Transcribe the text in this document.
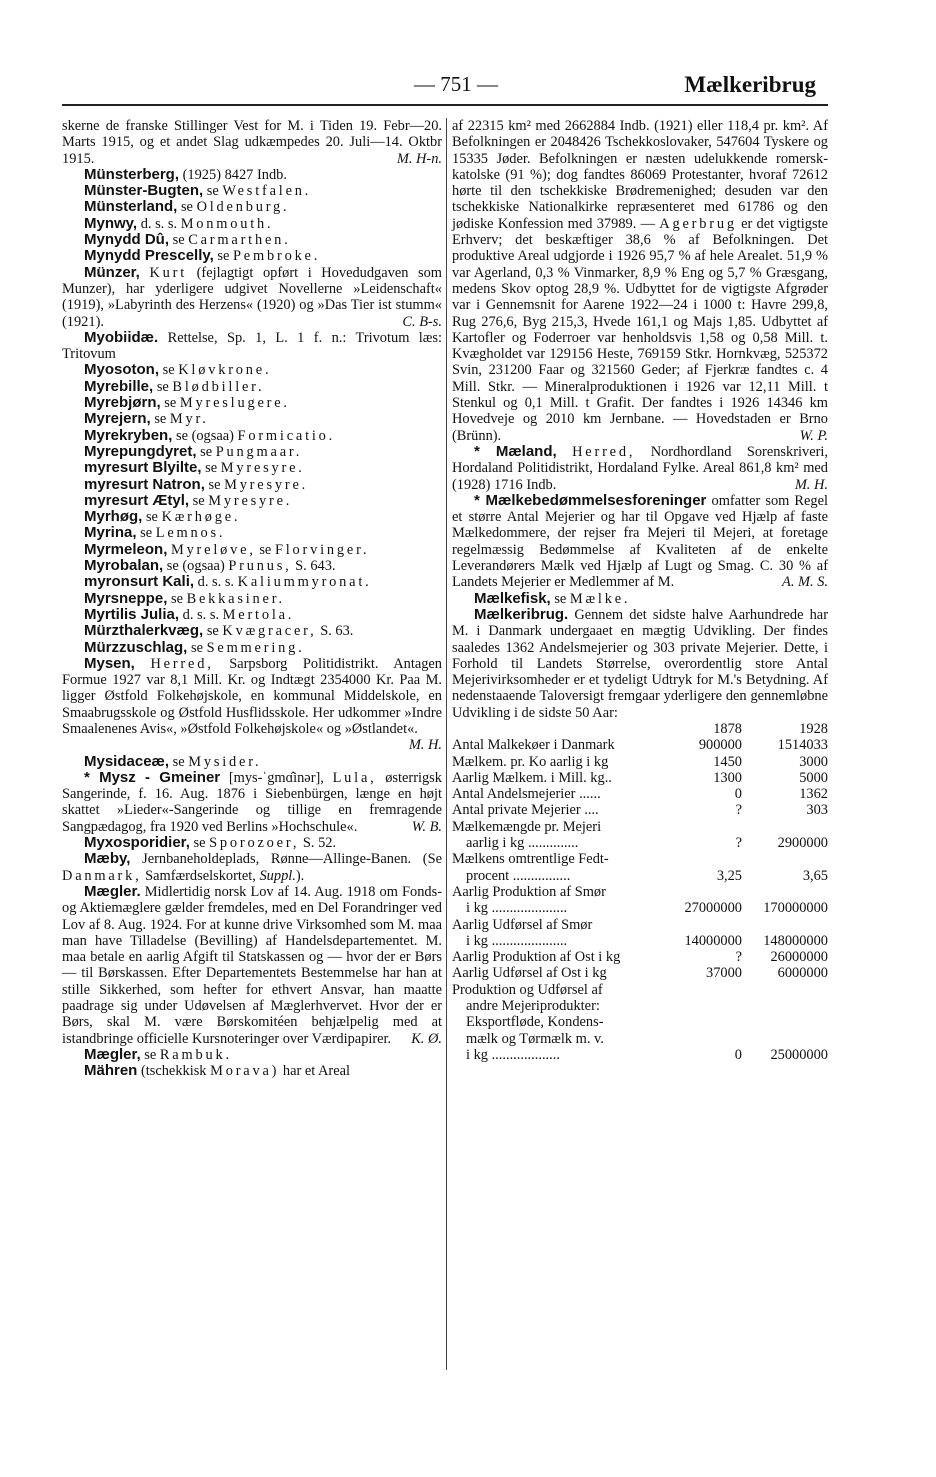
— 751 —	Mælkeribrug

skerne de franske Stillinger Vest for M. i Tiden 19. Febr—20. Marts 1915, og et andet Slag udkæmpedes 20. Juli—14. Oktbr 1915.	M. H-n.

Münsterberg, (1925) 8427 Indb.

Münster-Bugten, se Westfalen.

Münsterland, se Oldenburg.

Mynwy, d. s. s. Monmouth.

Mynydd Dû, se Carmarthen.

Mynydd Prescelly, se Pembroke.

Münzer, Kurt (fejlagtigt opført i Hovedudgaven som Munzer), har yderligere udgivet Novellerne »Leidenschaft« (1919), »Labyrinth des Herzens« (1920) og »Das Tier ist stumm« (1921).	C. B-s.

Myobiidæ. Rettelse, Sp. 1, L. 1 f. n.: Trivotum læs: Tritovum

Myosoton, se Kløvkrone.

Myrebille, se Blødbiller.

Myrebjørn, se Myreslugere.

Myrejern, se Myr.

Myrekryben, se (ogsaa) Formicatio.

Myrepungdyret, se Pungmaar.

myresurt Blyilte, se Myresyre.

myresurt Natron, se Myresyre.

myresurt Ætyl, se Myresyre.

Myrhøg, se Kærhøge.

Myrina, se Lemnos.

Myrmeleon, Myreløve, se Florvinger.

Myrobalan, se (ogsaa) Prunus, S. 643.

myronsurt Kali, d. s. s. Kaliummyronat.

Myrsneppe, se Bekkasiner.

Myrtilis Julia, d. s. s. Mertola.

Mürzthalerkvæg, se Kvægracer, S. 63.

Mürzzuschlag, se Semmering.

Mysen, Herred, Sarpsborg Politidistrikt. Antagen Formue 1927 var 8,1 Mill. Kr. og Indtægt 2354000 Kr. Paa M. ligger Østfold Folkehøjskole, en kommunal Middelskole, en Smaabrugsskole og Østfold Husflidsskole. Her udkommer »Indre Smaalenenes Avis«, »Østfold Folkehøjskole« og »Østlandet«.
M. H.

Mysidaceæ, se Mysider.

* Mysz - Gmeiner [mys-ˈgmɑ̂inər], Lula, østerrigsk Sangerinde, f. 16. Aug. 1876 i Siebenbürgen, længe en højt skattet »Lieder«-Sangerinde og tillige en fremragende Sangpædagog, fra 1920 ved Berlins »Hochschule«.	W. B.

Myxosporidier, se Sporozoer, S. 52.

Mæby, Jernbaneholdeplads, Rønne—Allinge-Banen. (Se Danmark, Samfærdselskortet, Suppl.).

Mægler. Midlertidig norsk Lov af 14. Aug. 1918 om Fonds- og Aktiemæglere gælder fremdeles, med en Del Forandringer ved Lov af 8. Aug. 1924. For at kunne drive Virksomhed som M. maa man have Tilladelse (Bevilling) af Handelsdepartementet. M. maa betale en aarlig Afgift til Statskassen og — hvor der er Børs — til Børskassen. Efter Departementets Bestemmelse har han at stille Sikkerhed, som hefter for ethvert Ansvar, han maatte paadrage sig under Udøvelsen af Mæglerhvervet. Hvor der er Børs, skal M. være Børskomitéen behjælpelig med at istandbringe officielle Kursnoteringer over Værdipapirer. K. Ø.

Mægler, se Rambuk.

Mähren (tschekkisk Morava) har et Areal

af 22315 km² med 2662884 Indb. (1921) eller 118,4 pr. km². Af Befolkningen er 2048426 Tschekkoslovaker, 547604 Tyskere og 15335 Jøder. Befolkningen er næsten udelukkende romersk-katolske (91 %); dog fandtes 86069 Protestanter, hvoraf 72612 hørte til den tschekkiske Brødremenighed; desuden var den tschekkiske Nationalkirke repræsenteret med 61786 og den jødiske Konfession med 37989. — Agerbrug er det vigtigste Erhverv; det beskæftiger 38,6 % af Befolkningen. Det produktive Areal udgjorde i 1926 95,7 % af hele Arealet. 51,9 % var Agerland, 0,3 % Vinmarker, 8,9 % Eng og 5,7 % Græsgang, medens Skov optog 28,9 %. Udbyttet for de vigtigste Afgrøder var i Gennemsnit for Aarene 1922—24 i 1000 t: Havre 299,8, Rug 276,6, Byg 215,3, Hvede 161,1 og Majs 1,85. Udbyttet af Kartofler og Foderroer var henholdsvis 1,58 og 0,58 Mill. t. Kvægholdet var 129156 Heste, 769159 Stkr. Hornkvæg, 525372 Svin, 231200 Faar og 321560 Geder; af Fjerkræ fandtes c. 4 Mill. Stkr. — Mineralproduktionen i 1926 var 12,11 Mill. t Stenkul og 0,1 Mill. t Grafit. Der fandtes i 1926 14346 km Hovedveje og 2010 km Jernbane. — Hovedstaden er Brno (Brünn).	W. P.

* Mæland, Herred, Nordhordland Sorenskriveri, Hordaland Politidistrikt, Hordaland Fylke. Areal 861,8 km² med (1928) 1716 Indb.	M. H.

* Mælkebedømmelsesforeninger omfatter som Regel et større Antal Mejerier og har til Opgave ved Hjælp af faste Mælkedommere, der rejser fra Mejeri til Mejeri, at foretage regelmæssig Bedømmelse af Kvaliteten af de enkelte Leverandørers Mælk ved Hjælp af Lugt og Smag. C. 30 % af Landets Mejerier er Medlemmer af M.	A. M. S.

Mælkefisk, se Mælke.

Mælkeribrug. Gennem det sidste halve Aarhundrede har M. i Danmark undergaaet en mægtig Udvikling. Der findes saaledes 1362 Andelsmejerier og 303 private Mejerier. Dette, i Forhold til Landets Størrelse, overordentlig store Antal Mejerivirksomheder er et tydeligt Udtryk for M.'s Betydning. Af nedenstaaende Taloversigt fremgaar yderligere den gennemløbne Udvikling i de sidste 50 Aar:

	1878	1928
Antal Malkekøer i Danmark	900000	1514033
Mælkem. pr. Ko aarlig i kg	1450	3000
Aarlig Mælkem. i Mill. kg..	1300	5000
Antal Andelsmejerier ......	0	1362
Antal private Mejerier ....	?	303
Mælkemængde pr. Mejeri		
aarlig i kg ..............	?	2900000
Mælkens omtrentlige Fedt-		
procent ................	3,25	3,65
Aarlig Produktion af Smør		
i kg .....................	27000000	170000000
Aarlig Udførsel af Smør		
i kg .....................	14000000	148000000
Aarlig Produktion af Ost i kg	?	26000000
Aarlig Udførsel af Ost i kg	37000	6000000
Produktion og Udførsel af		
andre Mejeriprodukter:		
Eksportfløde, Kondens-		
mælk og Tørmælk m. v.		
i kg ...................	0	25000000
